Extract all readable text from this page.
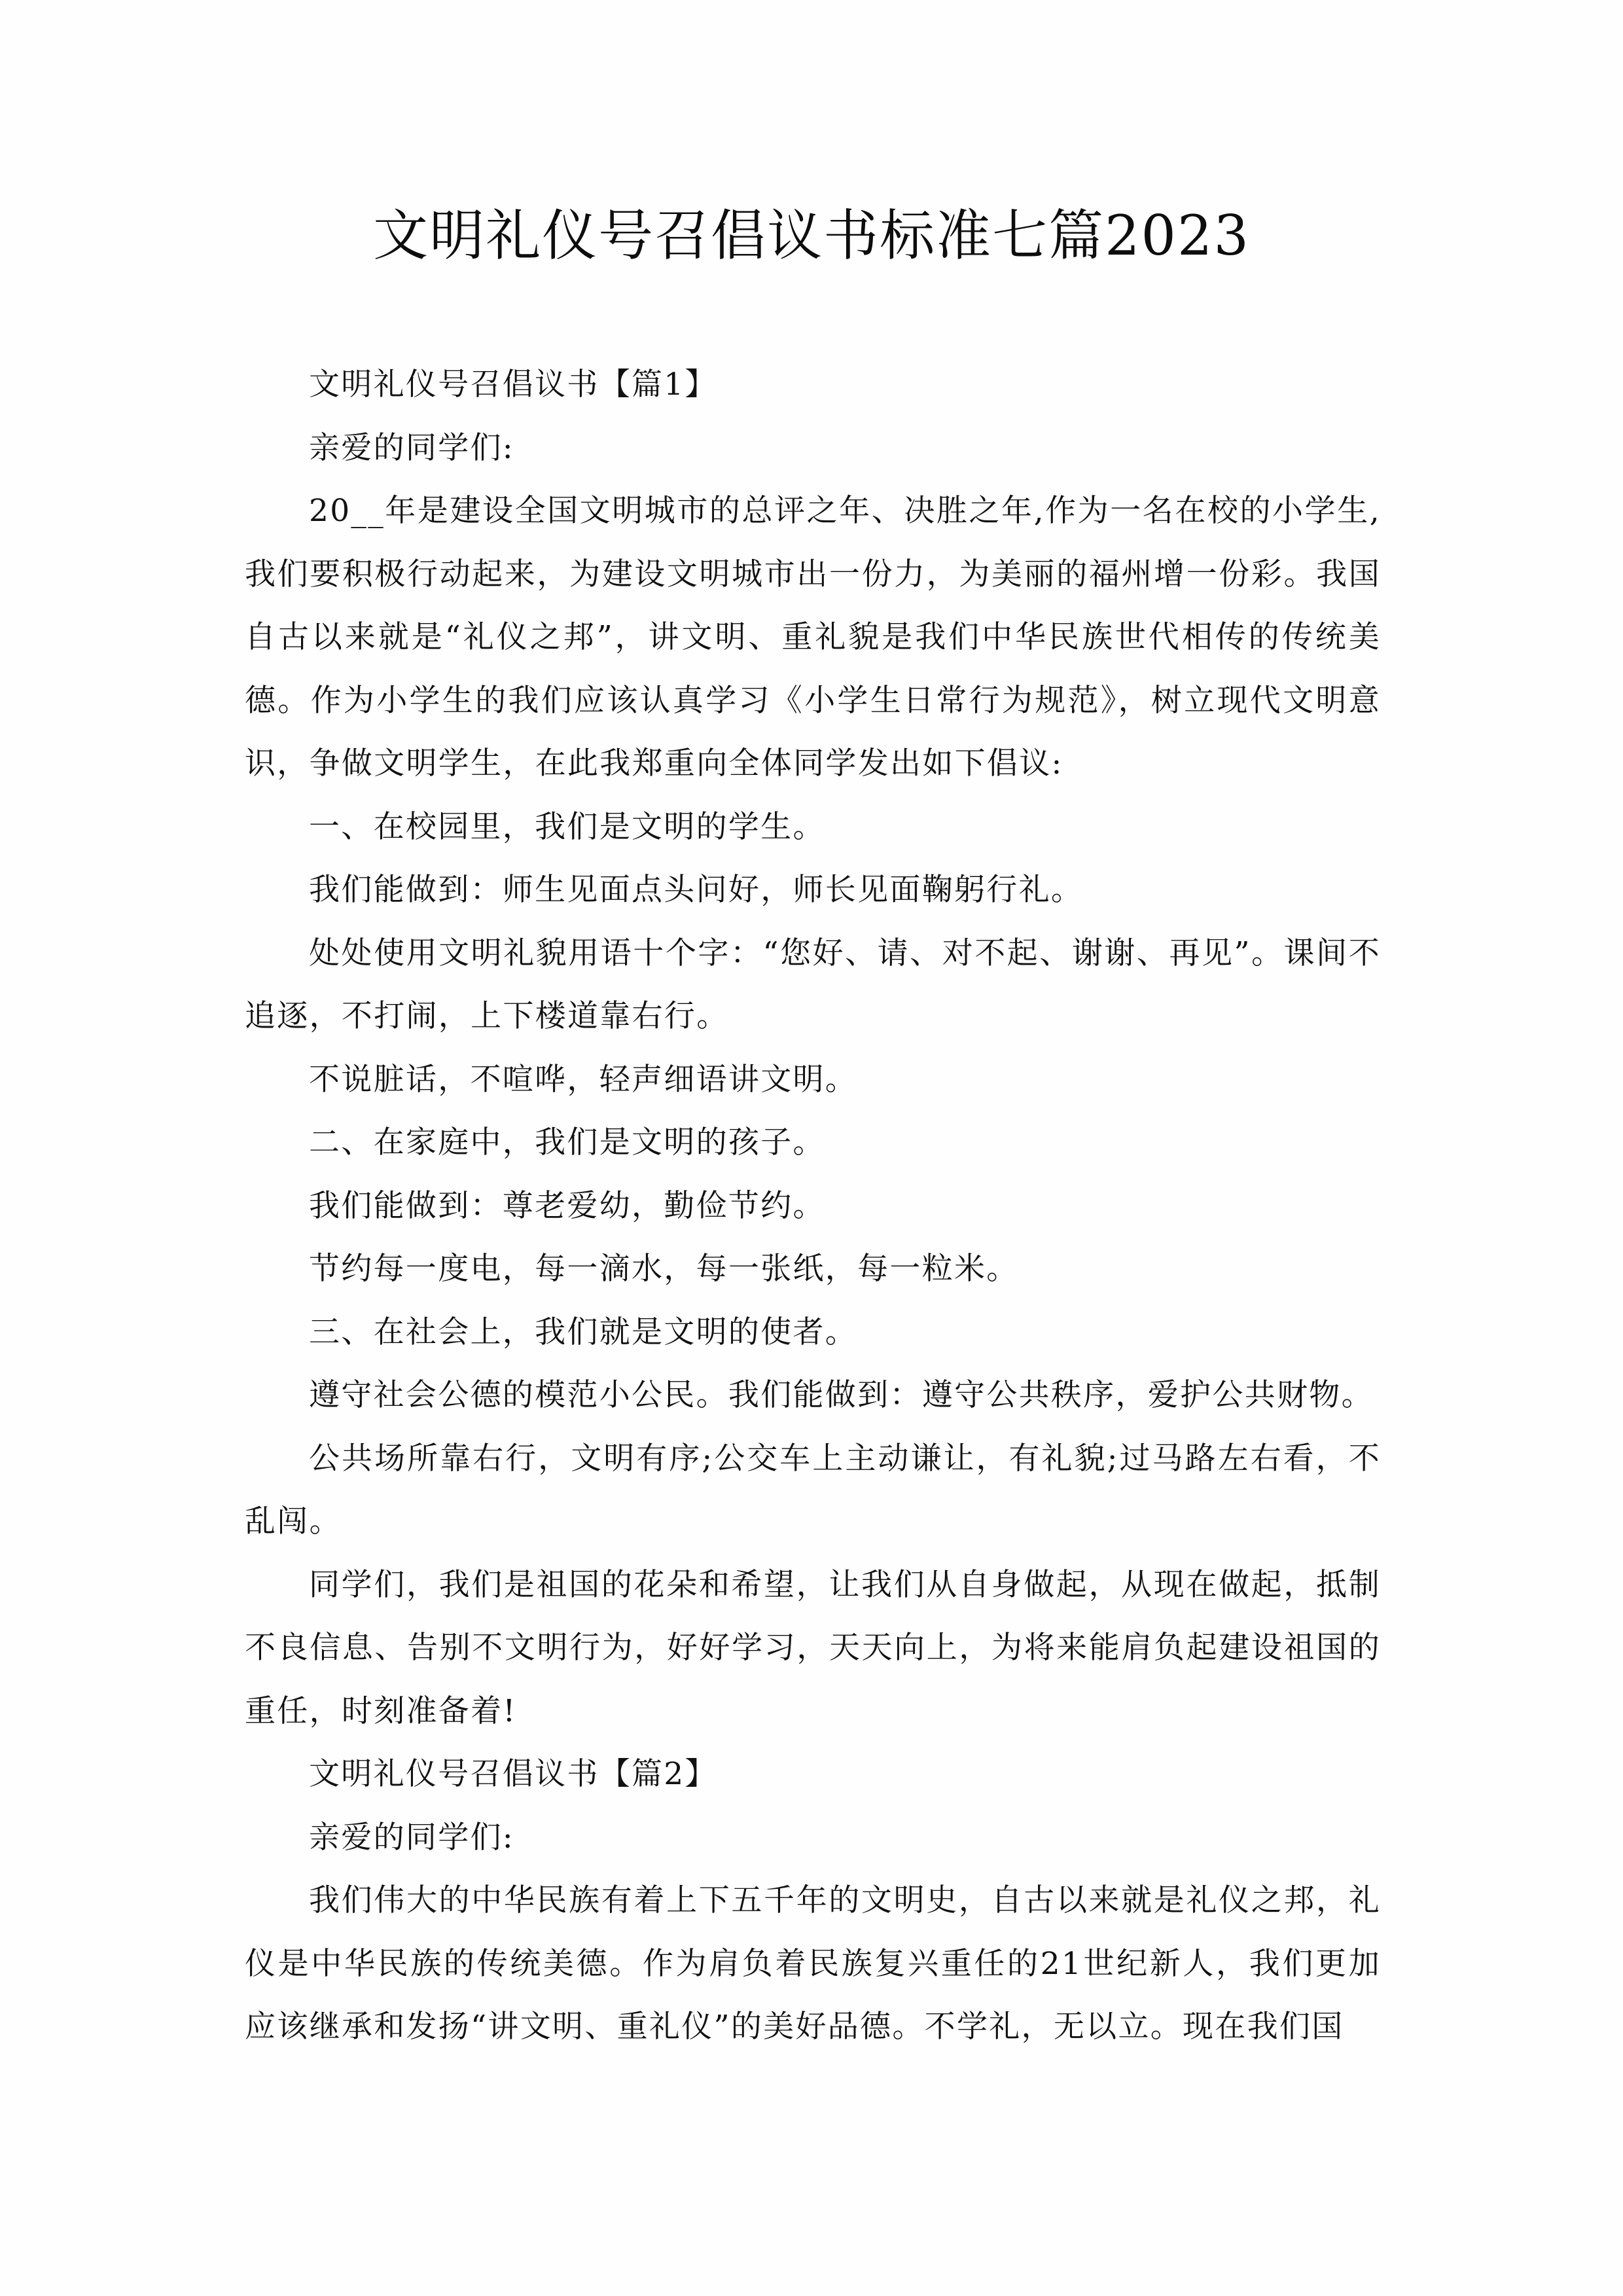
文明礼仪号召倡议书标准七篇2023

文明礼仪号召倡议书【篇1】

亲爱的同学们:

20__年是建设全国文明城市的总评之年、决胜之年,作为一名在校的小学生,我们要积极行动起来，为建设文明城市出一份力，为美丽的福州增一份彩。我国自古以来就是“礼仪之邦”，讲文明、重礼貌是我们中华民族世代相传的传统美德。作为小学生的我们应该认真学习《小学生日常行为规范》，树立现代文明意识，争做文明学生，在此我郑重向全体同学发出如下倡议:

一、在校园里，我们是文明的学生。

我们能做到：师生见面点头问好，师长见面鞠躬行礼。

处处使用文明礼貌用语十个字：“您好、请、对不起、谢谢、再见”。课间不追逐，不打闹，上下楼道靠右行。

不说脏话，不喧哗，轻声细语讲文明。

二、在家庭中，我们是文明的孩子。

我们能做到：尊老爱幼，勤俭节约。

节约每一度电，每一滴水，每一张纸，每一粒米。

三、在社会上，我们就是文明的使者。

遵守社会公德的模范小公民。我们能做到：遵守公共秩序，爱护公共财物。

公共场所靠右行，文明有序;公交车上主动谦让，有礼貌;过马路左右看，不乱闯。

同学们，我们是祖国的花朵和希望，让我们从自身做起，从现在做起，抵制不良信息、告别不文明行为，好好学习，天天向上，为将来能肩负起建设祖国的重任，时刻准备着!

文明礼仪号召倡议书【篇2】

亲爱的同学们:

我们伟大的中华民族有着上下五千年的文明史，自古以来就是礼仪之邦，礼仪是中华民族的传统美德。作为肩负着民族复兴重任的21世纪新人，我们更加应该继承和发扬“讲文明、重礼仪”的美好品德。不学礼，无以立。现在我们国
